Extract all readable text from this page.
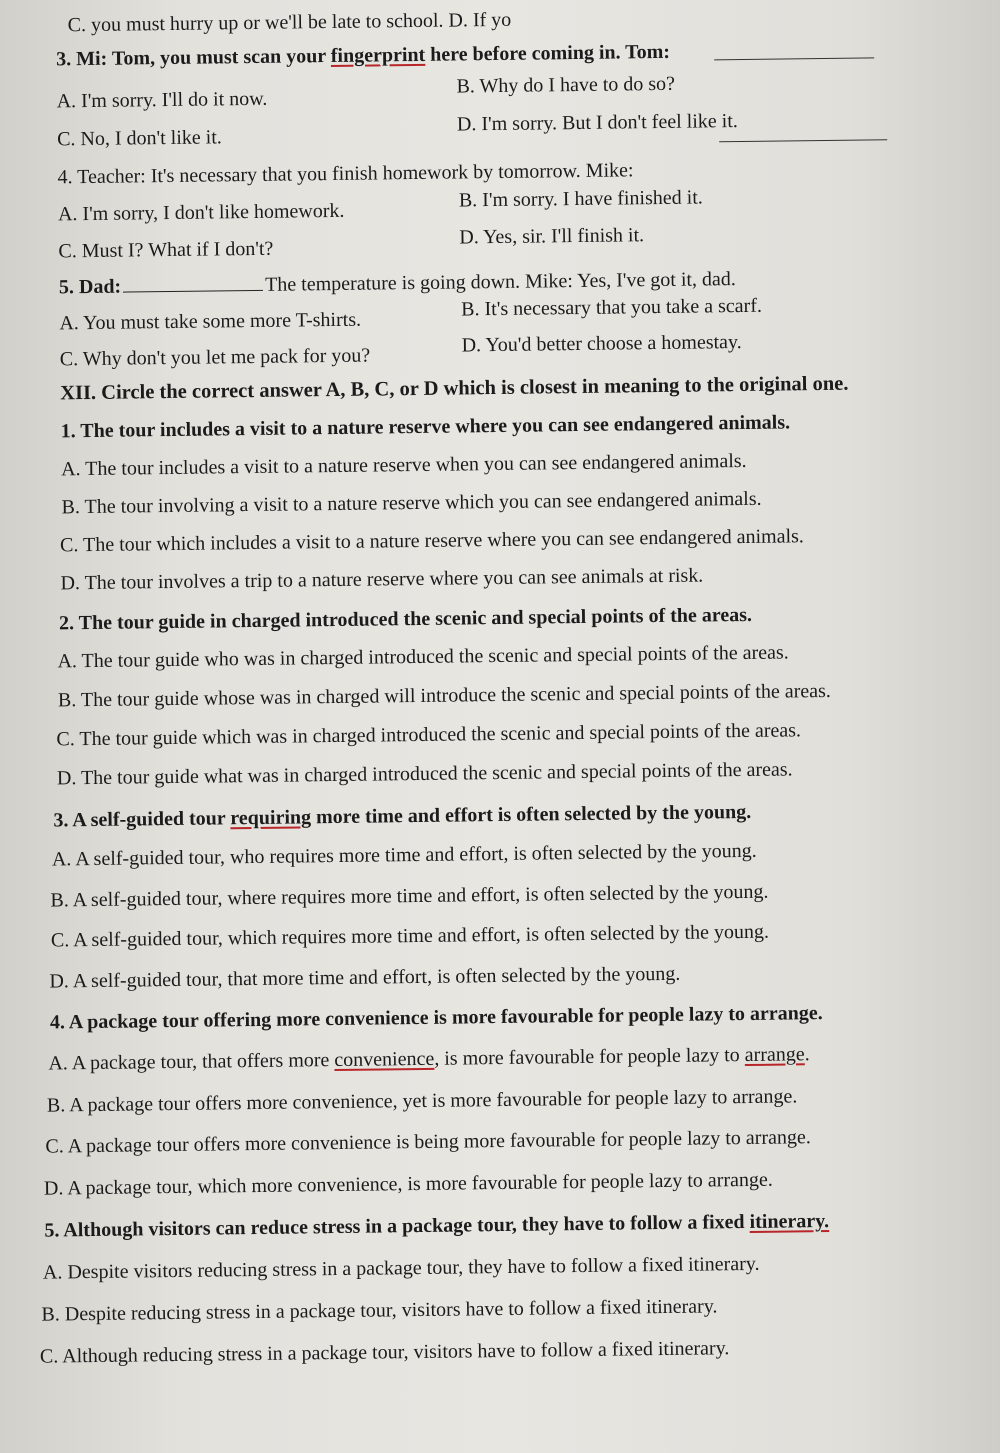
C. you must hurry up or we'll be late to school. D. If yo
3. Mi: Tom, you must scan your fingerprint here before coming in. Tom:
A. I'm sorry. I'll do it now.
B. Why do I have to do so?
C. No, I don't like it.
D. I'm sorry. But I don't feel like it.
4. Teacher: It's necessary that you finish homework by tomorrow. Mike:
A. I'm sorry, I don't like homework.
B. I'm sorry. I have finished it.
C. Must I? What if I don't?
D. Yes, sir. I'll finish it.
5. Dad:	The temperature is going down. Mike: Yes, I've got it, dad.
A. You must take some more T-shirts.
B. It's necessary that you take a scarf.
C. Why don't you let me pack for you?
D. You'd better choose a homestay.
XII. Circle the correct answer A, B, C, or D which is closest in meaning to the original one.
1. The tour includes a visit to a nature reserve where you can see endangered animals.
A. The tour includes a visit to a nature reserve when you can see endangered animals.
B. The tour involving a visit to a nature reserve which you can see endangered animals.
C. The tour which includes a visit to a nature reserve where you can see endangered animals.
D. The tour involves a trip to a nature reserve where you can see animals at risk.
2. The tour guide in charged introduced the scenic and special points of the areas.
A. The tour guide who was in charged introduced the scenic and special points of the areas.
B. The tour guide whose was in charged will introduce the scenic and special points of the areas.
C. The tour guide which was in charged introduced the scenic and special points of the areas.
D. The tour guide what was in charged introduced the scenic and special points of the areas.
3. A self-guided tour requiring more time and effort is often selected by the young.
A. A self-guided tour, who requires more time and effort, is often selected by the young.
B. A self-guided tour, where requires more time and effort, is often selected by the young.
C. A self-guided tour, which requires more time and effort, is often selected by the young.
D. A self-guided tour, that more time and effort, is often selected by the young.
4. A package tour offering more convenience is more favourable for people lazy to arrange.
A. A package tour, that offers more convenience, is more favourable for people lazy to arrange.
B. A package tour offers more convenience, yet is more favourable for people lazy to arrange.
C. A package tour offers more convenience is being more favourable for people lazy to arrange.
D. A package tour, which more convenience, is more favourable for people lazy to arrange.
5. Although visitors can reduce stress in a package tour, they have to follow a fixed itinerary.
A. Despite visitors reducing stress in a package tour, they have to follow a fixed itinerary.
B. Despite reducing stress in a package tour, visitors have to follow a fixed itinerary.
C. Although reducing stress in a package tour, visitors have to follow a fixed itinerary.
